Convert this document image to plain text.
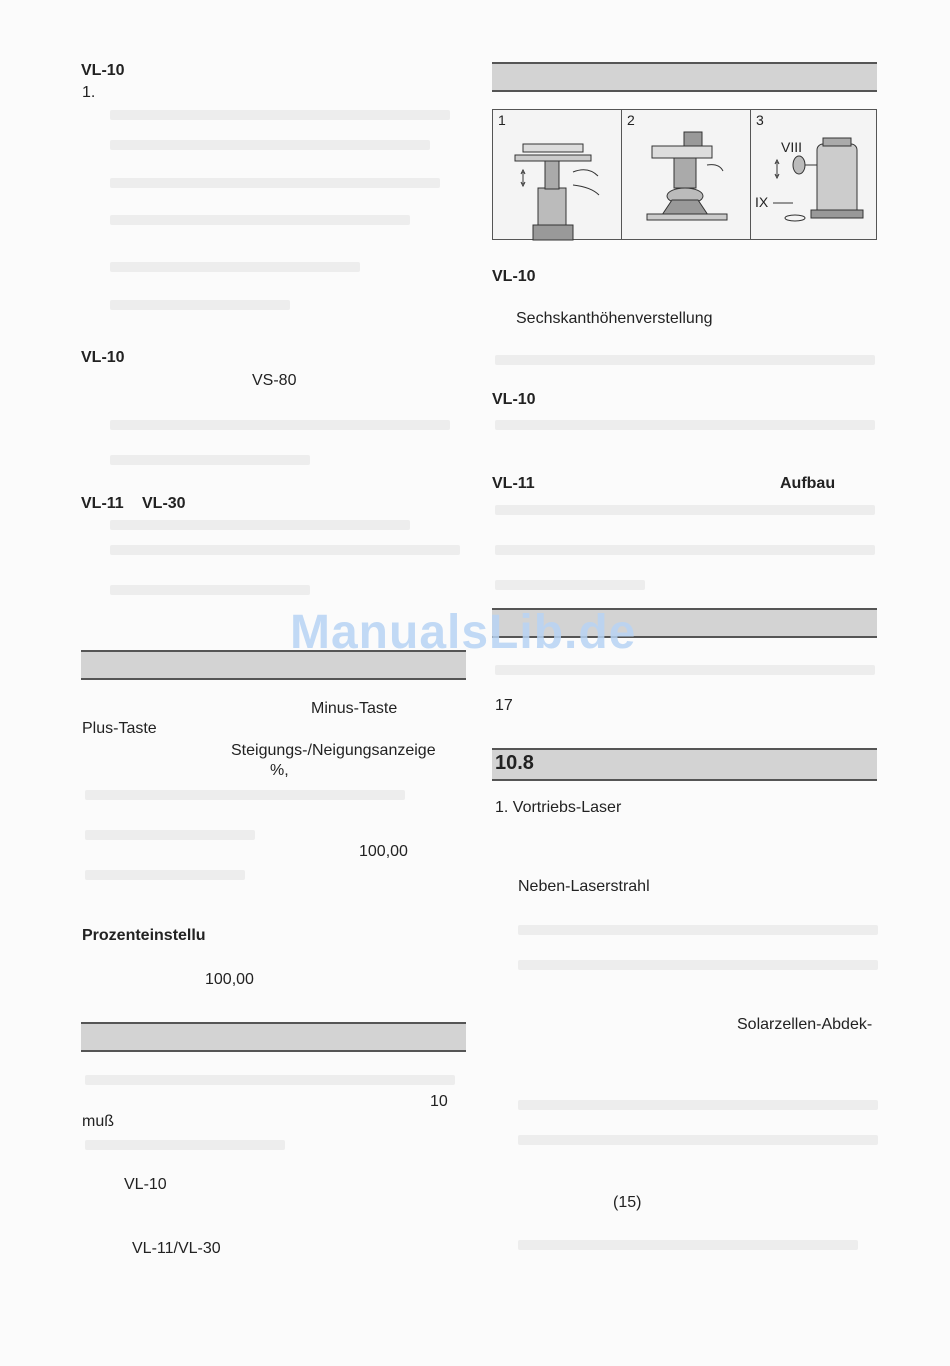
VL-10
1.
VL-10
VS-80
VL-11 VL-30
Minus-Taste
Plus-Taste
Steigungs-/Neigungsanzeige
%,
100,00
Prozenteinstellu
100,00
10
muß
VL-10
VL-11/VL-30
1	2	3
VIII
IX
VL-10
Sechskanthöhenverstellung
VL-10
VL-11	Aufbau
17
10.8
1. Vortriebs-Laser
Neben-Laserstrahl
Solarzellen-Abdek-
(15)
ManualsLib.de
